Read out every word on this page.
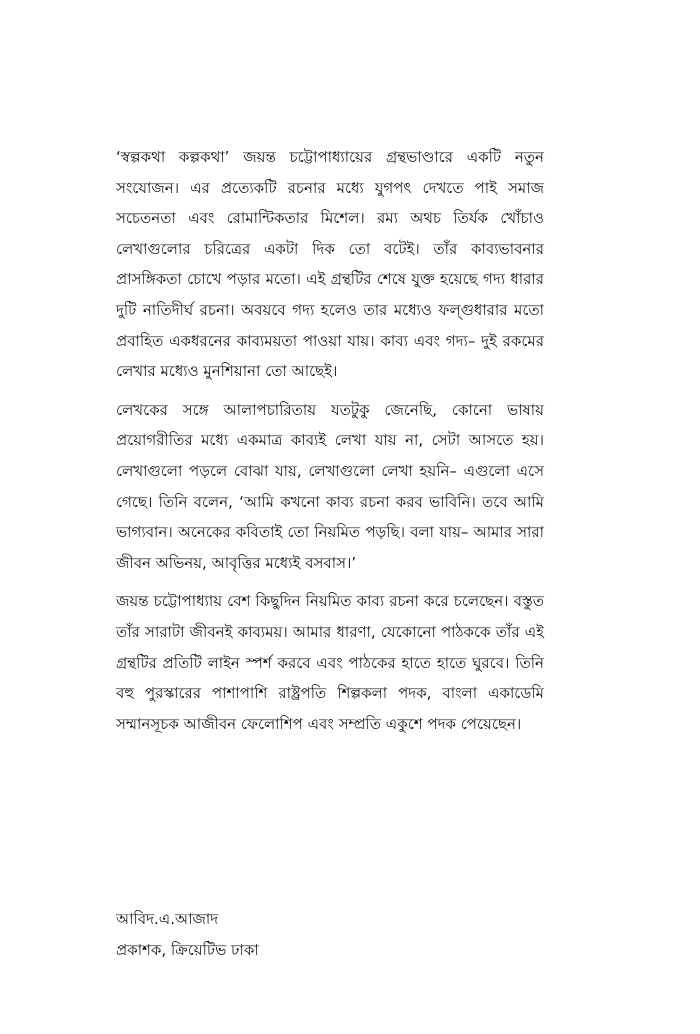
‘স্বল্পকথা কল্পকথা’ জয়ন্ত চট্টোপাধ্যায়ের গ্রন্থভাণ্ডারে একটি নতুন সংযোজন। এর প্রত্যেকটি রচনার মধ্যে যুগপৎ দেখতে পাই সমাজ সচেতনতা এবং রোমান্টিকতার মিশেল। রম্য অথচ তির্যক খোঁচাও লেখাগুলোর চরিত্রের একটা দিক তো বটেই। তাঁর কাব্যভাবনার প্রাসঙ্গিকতা চোখে পড়ার মতো। এই গ্রন্থটির শেষে যুক্ত হয়েছে গদ্য ধারার দুটি নাতিদীর্ঘ রচনা। অবয়বে গদ্য হলেও তার মধ্যেও ফল্গুধারার মতো প্রবাহিত একধরনের কাব্যময়তা পাওয়া যায়। কাব্য এবং গদ্য– দুই রকমের লেখার মধ্যেও মুনশিয়ানা তো আছেই।

লেখকের সঙ্গে আলাপচারিতায় যতটুকু জেনেছি, কোনো ভাষায় প্রয়োগরীতির মধ্যে একমাত্র কাব্যই লেখা যায় না, সেটা আসতে হয়। লেখাগুলো পড়লে বোঝা যায়, লেখাগুলো লেখা হয়নি– এগুলো এসে গেছে। তিনি বলেন, ‘আমি কখনো কাব্য রচনা করব ভাবিনি। তবে আমি ভাগ্যবান। অনেকের কবিতাই তো নিয়মিত পড়ছি। বলা যায়– আমার সারা জীবন অভিনয়, আবৃত্তির মধ্যেই বসবাস।’

জয়ন্ত চট্টোপাধ্যায় বেশ কিছুদিন নিয়মিত কাব্য রচনা করে চলেছেন। বস্তুত তাঁর সারাটা জীবনই কাব্যময়। আমার ধারণা, যেকোনো পাঠককে তাঁর এই গ্রন্থটির প্রতিটি লাইন স্পর্শ করবে এবং পাঠকের হাতে হাতে ঘুরবে। তিনি বহু পুরস্কারের পাশাপাশি রাষ্ট্রপতি শিল্পকলা পদক, বাংলা একাডেমি সম্মানসূচক আজীবন ফেলোশিপ এবং সম্প্রতি একুশে পদক পেয়েছেন।

আবিদ.এ.আজাদ

প্রকাশক, ক্রিয়েটিভ ঢাকা
